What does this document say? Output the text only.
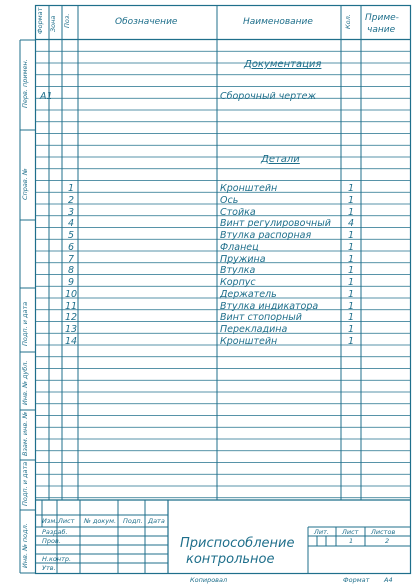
Формат Зона Поз.	Обозначение	Наименование	Кол. Приме-
чание
Документация
А1	Сборочный чертеж
Детали
1	Кронштейн	1
2	Ось	1
3	Стойка	1
4	Винт регулировочный 4
5	Втулка распорная	1
6	Фланец	1
7	Пружина	1
8	Втулка	1
9	Корпус	1
10	Держатель	1
11	Втулка индикатора	1
12	Винт стопорный	1
13	Перекладина	1
14	Кронштейн	1
Перв. примен.
Справ. №
Подп. и дата
Инв. № дубл.
Взам. инв. №
Подп. и дата
Инв. № подл.
Изм. Лист № докум. Подп. Дата
Разраб.
Пров.
Н.контр.
Утв.
Приспособление
контрольное
Лит. Лист Листов
1	2
Копировал	Формат А4
